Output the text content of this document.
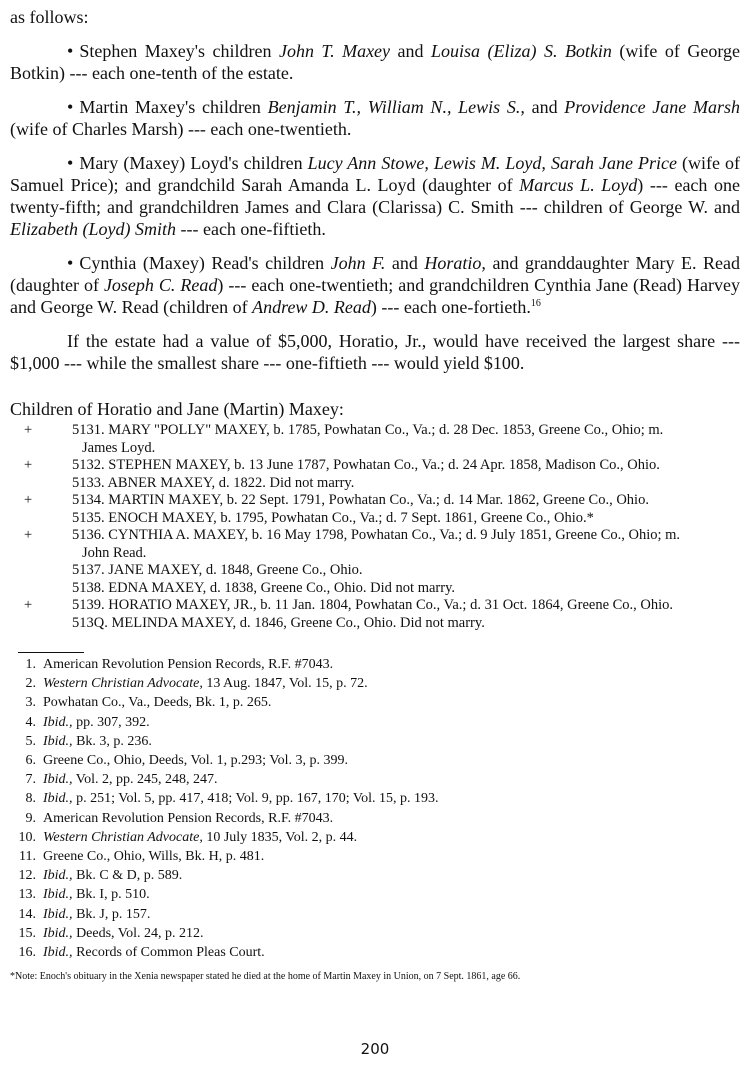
as follows:

• Stephen Maxey's children John T. Maxey and Louisa (Eliza) S. Botkin (wife of George Botkin) --- each one-tenth of the estate.

• Martin Maxey's children Benjamin T., William N., Lewis S., and Providence Jane Marsh (wife of Charles Marsh) --- each one-twentieth.

• Mary (Maxey) Loyd's children Lucy Ann Stowe, Lewis M. Loyd, Sarah Jane Price (wife of Samuel Price); and grandchild Sarah Amanda L. Loyd (daughter of Marcus L. Loyd) --- each one twenty-fifth; and grandchildren James and Clara (Clarissa) C. Smith --- children of George W. and Elizabeth (Loyd) Smith --- each one-fiftieth.

• Cynthia (Maxey) Read's children John F. and Horatio, and granddaughter Mary E. Read (daughter of Joseph C. Read) --- each one-twentieth; and grandchildren Cynthia Jane (Read) Harvey and George W. Read (children of Andrew D. Read) --- each one-fortieth.$^{16}$

If the estate had a value of $5,000, Horatio, Jr., would have received the largest share --- $1,000 --- while the smallest share --- one-fiftieth --- would yield $100.

Children of Horatio and Jane (Martin) Maxey:

+	5131. MARY "POLLY" MAXEY, b. 1785, Powhatan Co., Va.; d. 28 Dec. 1853, Greene Co., Ohio; m.
James Loyd.
+	5132. STEPHEN MAXEY, b. 13 June 1787, Powhatan Co., Va.; d. 24 Apr. 1858, Madison Co., Ohio.
5133. ABNER MAXEY, d. 1822. Did not marry.
+	5134. MARTIN MAXEY, b. 22 Sept. 1791, Powhatan Co., Va.; d. 14 Mar. 1862, Greene Co., Ohio.
5135. ENOCH MAXEY, b. 1795, Powhatan Co., Va.; d. 7 Sept. 1861, Greene Co., Ohio.*
+	5136. CYNTHIA A. MAXEY, b. 16 May 1798, Powhatan Co., Va.; d. 9 July 1851, Greene Co., Ohio; m.
John Read.
5137. JANE MAXEY, d. 1848, Greene Co., Ohio.
5138. EDNA MAXEY, d. 1838, Greene Co., Ohio. Did not marry.
+	5139. HORATIO MAXEY, JR., b. 11 Jan. 1804, Powhatan Co., Va.; d. 31 Oct. 1864, Greene Co., Ohio.
513Q. MELINDA MAXEY, d. 1846, Greene Co., Ohio. Did not marry.
1. American Revolution Pension Records, R.F. #7043.
2. Western Christian Advocate, 13 Aug. 1847, Vol. 15, p. 72.
3. Powhatan Co., Va., Deeds, Bk. 1, p. 265.
4. Ibid., pp. 307, 392.
5. Ibid., Bk. 3, p. 236.
6. Greene Co., Ohio, Deeds, Vol. 1, p.293; Vol. 3, p. 399.
7. Ibid., Vol. 2, pp. 245, 248, 247.
8. Ibid., p. 251; Vol. 5, pp. 417, 418; Vol. 9, pp. 167, 170; Vol. 15, p. 193.
9. American Revolution Pension Records, R.F. #7043.
10. Western Christian Advocate, 10 July 1835, Vol. 2, p. 44.
11. Greene Co., Ohio, Wills, Bk. H, p. 481.
12. Ibid., Bk. C & D, p. 589.
13. Ibid., Bk. I, p. 510.
14. Ibid., Bk. J, p. 157.
15. Ibid., Deeds, Vol. 24, p. 212.
16. Ibid., Records of Common Pleas Court.
*Note: Enoch's obituary in the Xenia newspaper stated he died at the home of Martin Maxey in Union, on 7 Sept. 1861, age 66.
200
